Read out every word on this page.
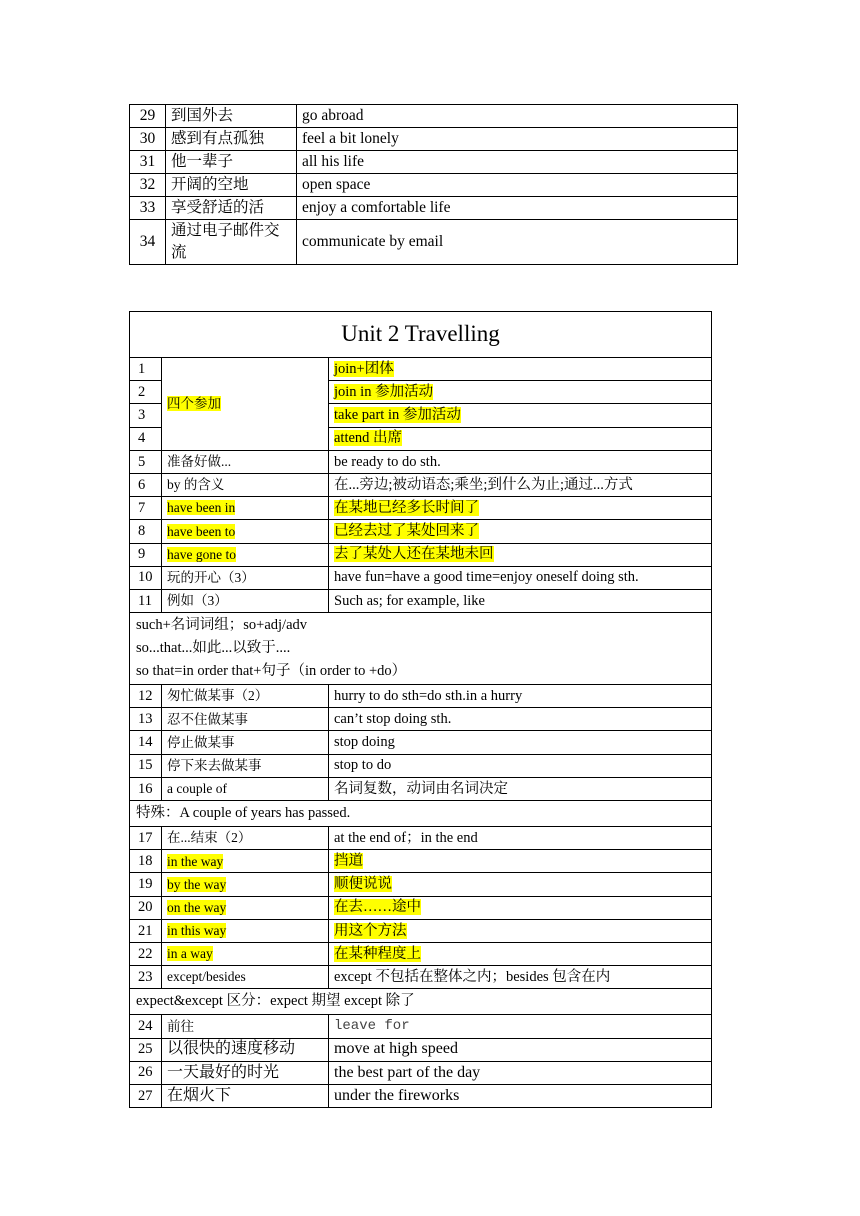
29	到国外去	go abroad
30	感到有点孤独	feel a bit lonely
31	他一辈子	all his life
32	开阔的空地	open space
33	享受舒适的活	enjoy a comfortable life
34	通过电子邮件交流	communicate by email
Unit 2 Travelling		
1	四个参加	join+团体
2		join in 参加活动
3		take part in 参加活动
4		attend 出席
5	准备好做...	be ready to do sth.
6	by 的含义	在...旁边;被动语态;乘坐;到什么为止;通过...方式
7	have been in	在某地已经多长时间了
8	have been to	已经去过了某处回来了
9	have gone to	去了某处人还在某地未回
10	玩的开心（3）	have fun=have a good time=enjoy oneself doing sth.
11	例如（3）	Such as; for example, like

such+名词词组；so+adj/adv
so...that...如此...以致于....
so that=in order that+句子（in order to +do）		

12	匆忙做某事（2）	hurry to do sth=do sth.in a hurry
13	忍不住做某事	can’t stop doing sth.
14	停止做某事	stop doing
15	停下来去做某事	stop to do
16	a couple of	名词复数，动词由名词决定
特殊：A couple of years has passed.		
17	在...结束（2）	at the end of；in the end
18	in the way	挡道
19	by the way	顺便说说
20	on the way	在去……途中
21	in this way	用这个方法
22	in a way	在某种程度上
23	except/besides	except 不包括在整体之内；besides 包含在内
expect&except 区分：expect 期望 except 除了		
24	前往	leave for
25	以很快的速度移动	move at high speed
26	一天最好的时光	the best part of the day
27	在烟火下	under the fireworks
